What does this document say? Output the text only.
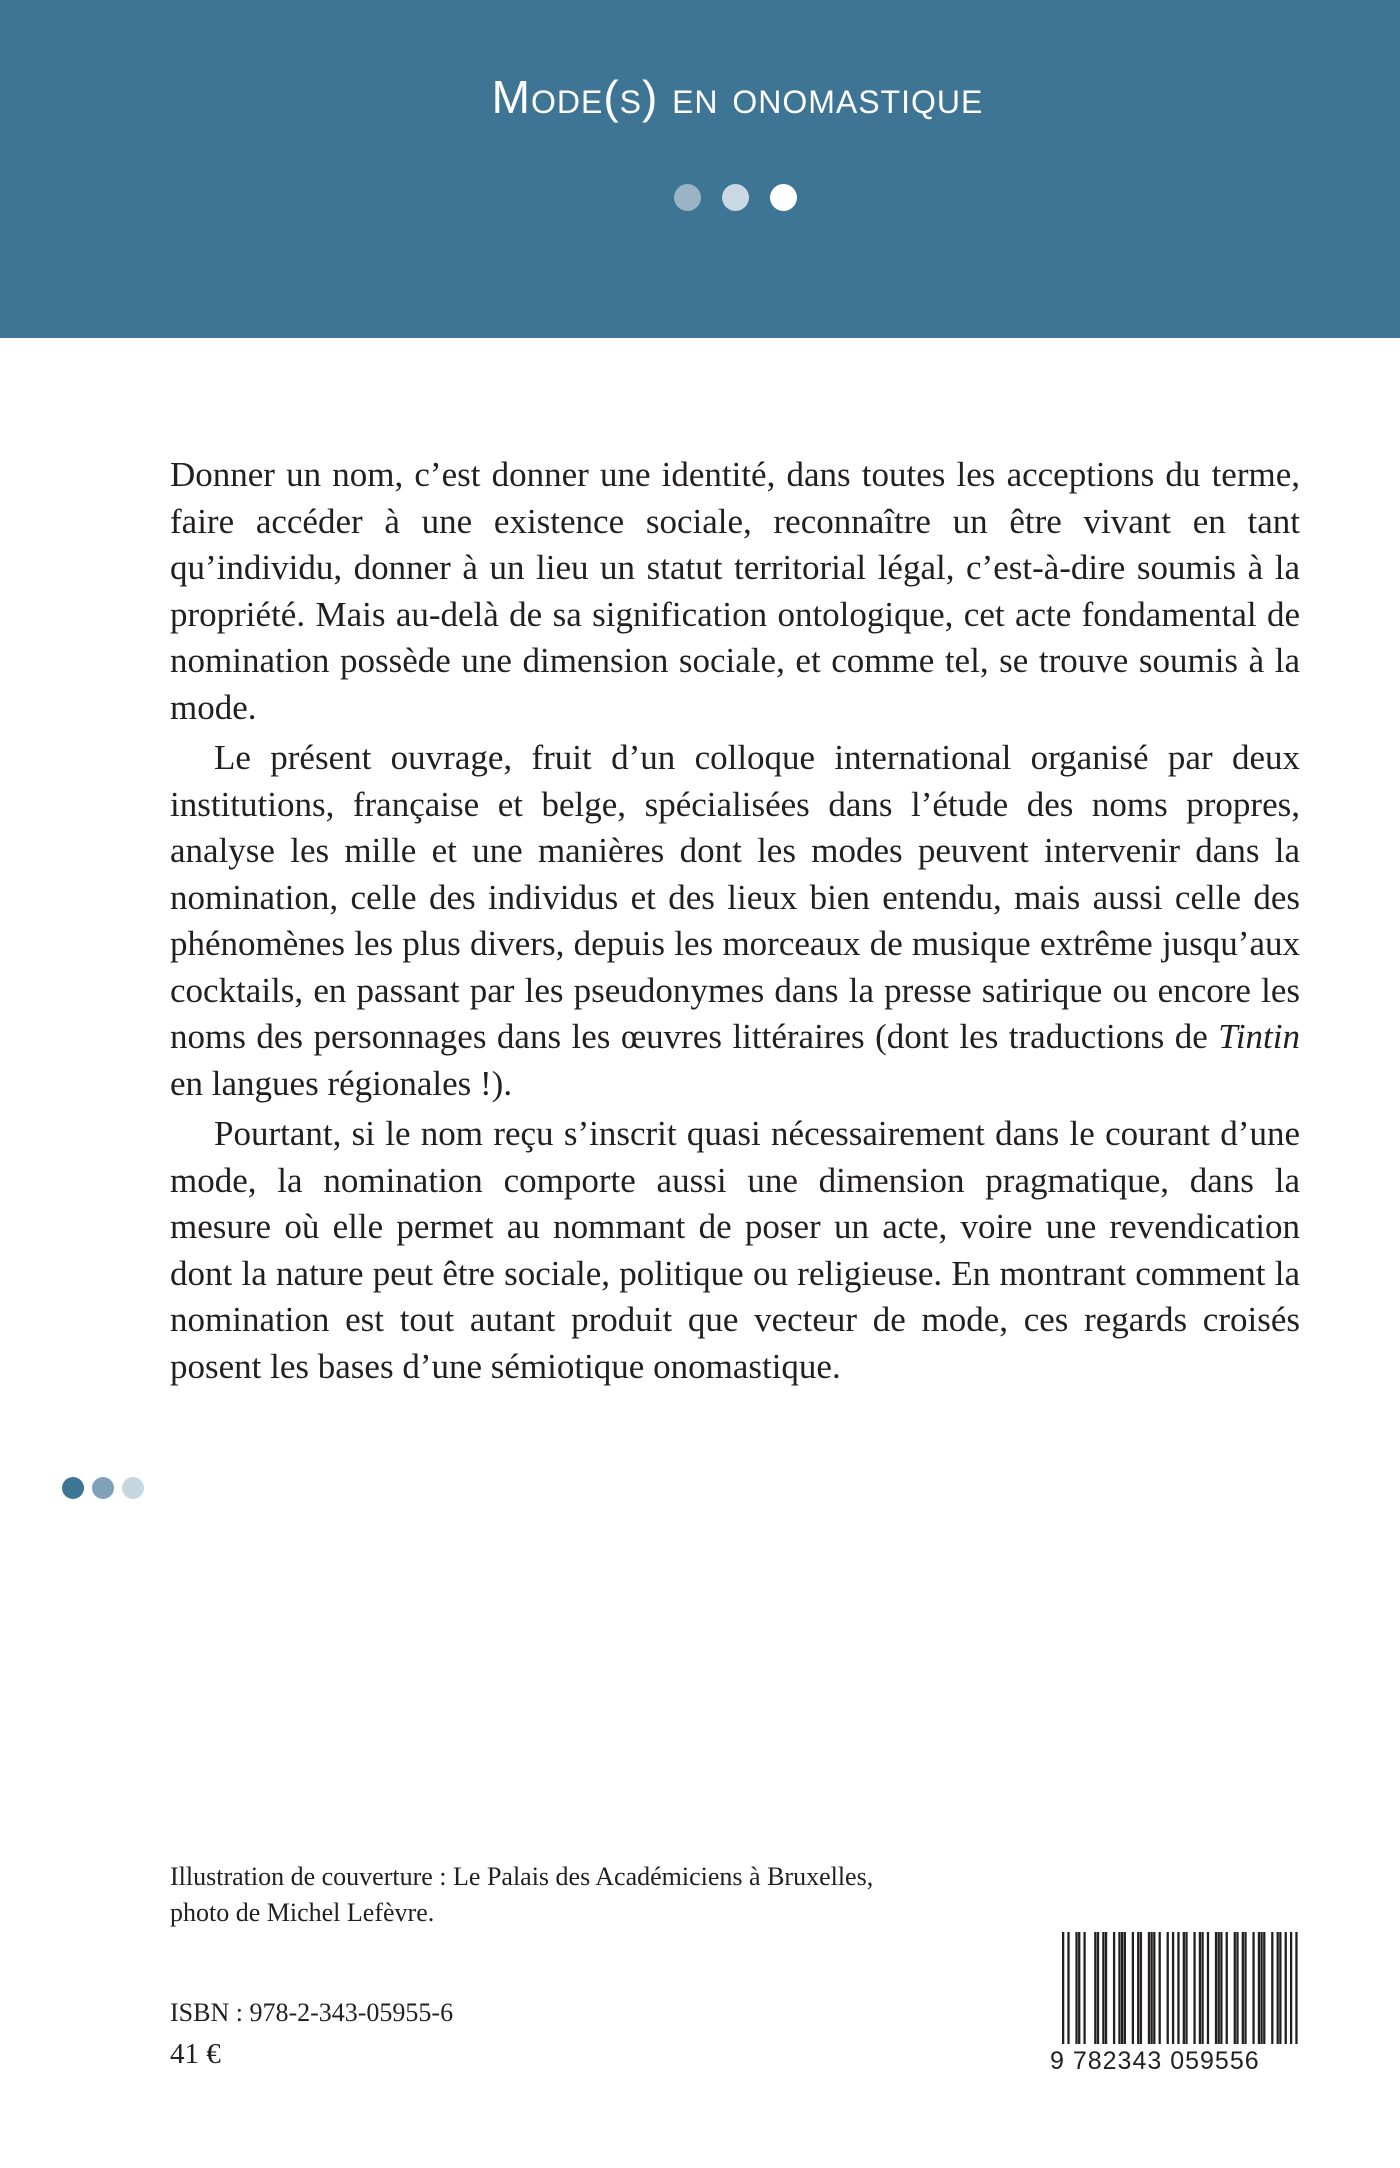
Mode(s) en onomastique

Donner un nom, c’est donner une identité, dans toutes les acceptions du terme, faire accéder à une existence sociale, reconnaître un être vivant en tant qu’individu, donner à un lieu un statut territorial légal, c’est-à-dire soumis à la propriété. Mais au-delà de sa signification ontologique, cet acte fondamental de nomination possède une dimension sociale, et comme tel, se trouve soumis à la mode.

Le présent ouvrage, fruit d’un colloque international organisé par deux institutions, française et belge, spécialisées dans l’étude des noms propres, analyse les mille et une manières dont les modes peuvent intervenir dans la nomination, celle des individus et des lieux bien entendu, mais aussi celle des phénomènes les plus divers, depuis les morceaux de musique extrême jusqu’aux cocktails, en passant par les pseudonymes dans la presse satirique ou encore les noms des personnages dans les œuvres littéraires (dont les traductions de Tintin en langues régionales !).

Pourtant, si le nom reçu s’inscrit quasi nécessairement dans le courant d’une mode, la nomination comporte aussi une dimension pragmatique, dans la mesure où elle permet au nommant de poser un acte, voire une revendication dont la nature peut être sociale, politique ou religieuse. En montrant comment la nomination est tout autant produit que vecteur de mode, ces regards croisés posent les bases d’une sémiotique onomastique.

Illustration de couverture : Le Palais des Académiciens à Bruxelles,
photo de Michel Lefèvre.
ISBN : 978-2-343-05955-6
41 €	9 782343 059556
